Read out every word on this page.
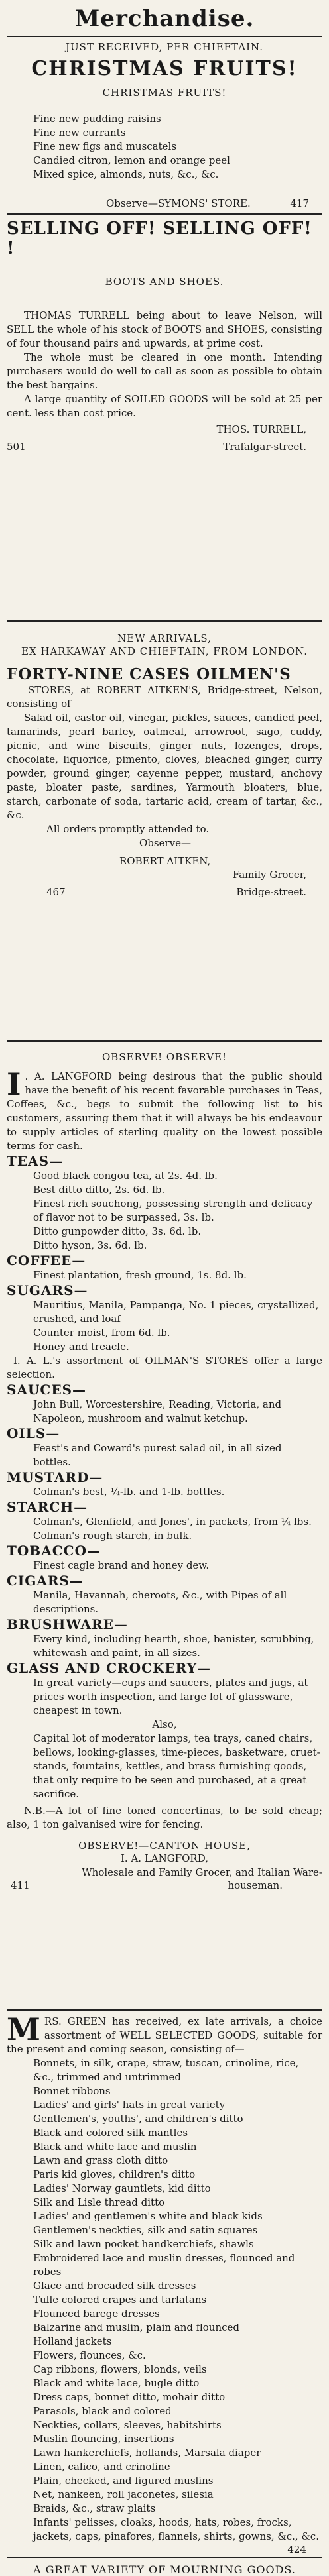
Merchandise.
JUST RECEIVED, PER CHIEFTAIN.
CHRISTMAS FRUITS!
CHRISTMAS FRUITS!
Fine new pudding raisins
Fine new currants
Fine new figs and muscatels
Candied citron, lemon and orange peel
Mixed spice, almonds, nuts, &c., &c.
Observe—SYMONS' STORE.	417
SELLING OFF! SELLING OFF! !
BOOTS AND SHOES.

THOMAS TURRELL being about to leave Nelson, will SELL the whole of his stock of BOOTS and SHOES, consisting of four thousand pairs and upwards, at prime cost.

The whole must be cleared in one month. Intending purchasers would do well to call as soon as possible to obtain the best bargains.

A large quantity of SOILED GOODS will be sold at 25 per cent. less than cost price.

THOS. TURRELL,
501	Trafalgar-street.
NEW ARRIVALS,
EX HARKAWAY AND CHIEFTAIN, FROM LONDON.
FORTY-NINE CASES OILMEN'S

STORES, at ROBERT AITKEN'S, Bridge-street, Nelson, consisting of

Salad oil, castor oil, vinegar, pickles, sauces, candied peel, tamarinds, pearl barley, oatmeal, arrowroot, sago, cuddy, picnic, and wine biscuits, ginger nuts, lozenges, drops, chocolate, liquorice, pimento, cloves, bleached ginger, curry powder, ground ginger, cayenne pepper, mustard, anchovy paste, bloater paste, sardines, Yarmouth bloaters, blue, starch, carbonate of soda, tartaric acid, cream of tartar, &c., &c.

All orders promptly attended to.

Observe—
ROBERT AITKEN,
Family Grocer,
467	Bridge-street.
OBSERVE! OBSERVE!

I . A. LANGFORD being desirous that the public should have the benefit of his recent favorable purchases in Teas, Coffees, &c., begs to submit the following list to his customers, assuring them that it will always be his endeavour to supply articles of sterling quality on the lowest possible terms for cash.

TEAS—
Good black congou tea, at 2s. 4d. lb.
Best ditto ditto, 2s. 6d. lb.
Finest rich souchong, possessing strength and delicacy of flavor not to be surpassed, 3s. lb.
Ditto gunpowder ditto, 3s. 6d. lb.
Ditto hyson, 3s. 6d. lb.
COFFEE—
Finest plantation, fresh ground, 1s. 8d. lb.
SUGARS—
Mauritius, Manila, Pampanga, No. 1 pieces, crystallized, crushed, and loaf
Counter moist, from 6d. lb.
Honey and treacle.

I. A. L.'s assortment of OILMAN'S STORES offer a large selection.

SAUCES—
John Bull, Worcestershire, Reading, Victoria, and Napoleon, mushroom and walnut ketchup.
OILS—
Feast's and Coward's purest salad oil, in all sized bottles.
MUSTARD—
Colman's best, ¼-lb. and 1-lb. bottles.
STARCH—
Colman's, Glenfield, and Jones', in packets, from ¼ lbs.
Colman's rough starch, in bulk.
TOBACCO—
Finest cagle brand and honey dew.
CIGARS—
Manila, Havannah, cheroots, &c., with Pipes of all descriptions.
BRUSHWARE—
Every kind, including hearth, shoe, banister, scrubbing, whitewash and paint, in all sizes.
GLASS AND CROCKERY—
In great variety—cups and saucers, plates and jugs, at prices worth inspection, and large lot of glassware, cheapest in town.
Also,
Capital lot of moderator lamps, tea trays, caned chairs, bellows, looking-glasses, time-pieces, basketware, cruet-stands, fountains, kettles, and brass furnishing goods, that only require to be seen and purchased, at a great sacrifice.

N.B.—A lot of fine toned concertinas, to be sold cheap; also, 1 ton galvanised wire for fencing.

OBSERVE!—CANTON HOUSE,
I. A. LANGFORD,
Wholesale and Family Grocer, and Italian Ware-
411	houseman.

MRS. GREEN has received, ex late arrivals, a choice assortment of WELL SELECTED GOODS, suitable for the present and coming season, consisting of—

Bonnets, in silk, crape, straw, tuscan, crinoline, rice, &c., trimmed and untrimmed
Bonnet ribbons
Ladies' and girls' hats in great variety
Gentlemen's, youths', and children's ditto
Black and colored silk mantles
Black and white lace and muslin
Lawn and grass cloth ditto
Paris kid gloves, children's ditto
Ladies' Norway gauntlets, kid ditto
Silk and Lisle thread ditto
Ladies' and gentlemen's white and black kids
Gentlemen's neckties, silk and satin squares
Silk and lawn pocket handkerchiefs, shawls
Embroidered lace and muslin dresses, flounced and robes
Glace and brocaded silk dresses
Tulle colored crapes and tarlatans
Flounced barege dresses
Balzarine and muslin, plain and flounced
Holland jackets
Flowers, flounces, &c.
Cap ribbons, flowers, blonds, veils
Black and white lace, bugle ditto
Dress caps, bonnet ditto, mohair ditto
Parasols, black and colored
Neckties, collars, sleeves, habitshirts
Muslin flouncing, insertions
Lawn hankerchiefs, hollands, Marsala diaper
Linen, calico, and crinoline
Plain, checked, and figured muslins
Net, nankeen, roll jaconetes, silesia
Braids, &c., straw plaits
Infants' pelisses, cloaks, hoods, hats, robes, frocks, jackets, caps, pinafores, flannels, shirts, gowns, &c., &c.
424
A GREAT VARIETY OF MOURNING GOODS.
